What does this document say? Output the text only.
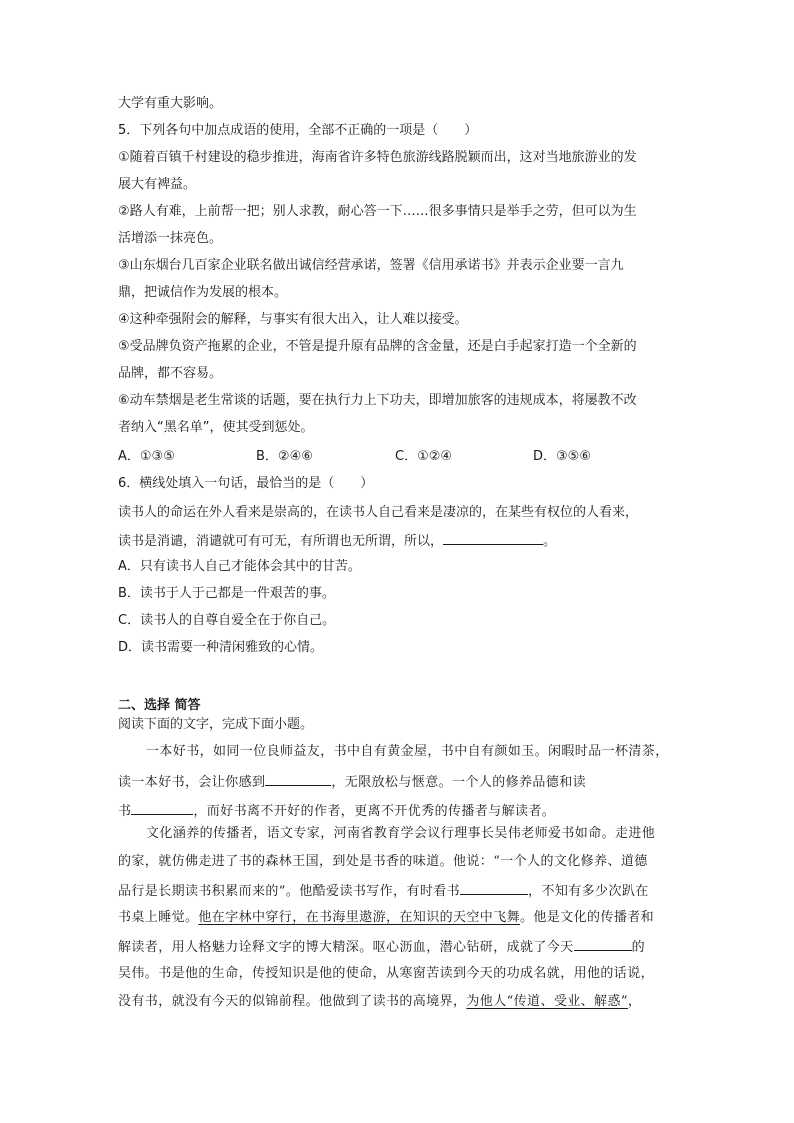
大学有重大影响。
5．下列各句中加点成语的使用，全部不正确的一项是（　　）
①随着百镇千村建设的稳步推进，海南省许多特色旅游线路脱颖而出，这对当地旅游业的发
展大有裨益。
②路人有难，上前帮一把；别人求教，耐心答一下……很多事情只是举手之劳，但可以为生
活增添一抹亮色。
③山东烟台几百家企业联名做出诚信经营承诺，签署《信用承诺书》并表示企业要一言九
鼎，把诚信作为发展的根本。
④这种牵强附会的解释，与事实有很大出入，让人难以接受。
⑤受品牌负资产拖累的企业，不管是提升原有品牌的含金量，还是白手起家打造一个全新的
品牌，都不容易。
⑥动车禁烟是老生常谈的话题，要在执行力上下功夫，即增加旅客的违规成本，将屡教不改
者纳入“黑名单”，使其受到惩处。
A．①③⑤	B．②④⑥	C．①②④	D．③⑤⑥
6．横线处填入一句话，最恰当的是（　　）
读书人的命运在外人看来是崇高的，在读书人自己看来是凄凉的，在某些有权位的人看来，
读书是消谴，消谴就可有可无，有所谓也无所谓，所以，	。
A．只有读书人自己才能体会其中的甘苦。
B．读书于人于己都是一件艰苦的事。
C．读书人的自尊自爱全在于你自己。
D．读书需要一种清闲雅致的心情。
二、选择 简答
阅读下面的文字，完成下面小题。
一本好书，如同一位良师益友，书中自有黄金屋，书中自有颜如玉。闲暇时品一杯清茶，
读一本好书，会让你感到	，无限放松与惬意。一个人的修养品德和读
书	，而好书离不开好的作者，更离不开优秀的传播者与解读者。
文化涵养的传播者，语文专家，河南省教育学会议行理事长吴伟老师爱书如命。走进他
的家，就仿佛走进了书的森林王国，到处是书香的味道。他说：“一个人的文化修养、道德
品行是长期读书积累而来的”。他酷爱读书写作，有时看书	，不知有多少次趴在
书桌上睡觉。他在字林中穿行，在书海里遨游，在知识的天空中飞舞。他是文化的传播者和
解读者，用人格魅力诠释文字的博大精深。呕心沥血，潜心钻研，成就了今天	的
吴伟。书是他的生命，传授知识是他的使命，从寒窗苦读到今天的功成名就，用他的话说，
没有书，就没有今天的似锦前程。他做到了读书的高境界，为他人“传道、受业、解惑”，
